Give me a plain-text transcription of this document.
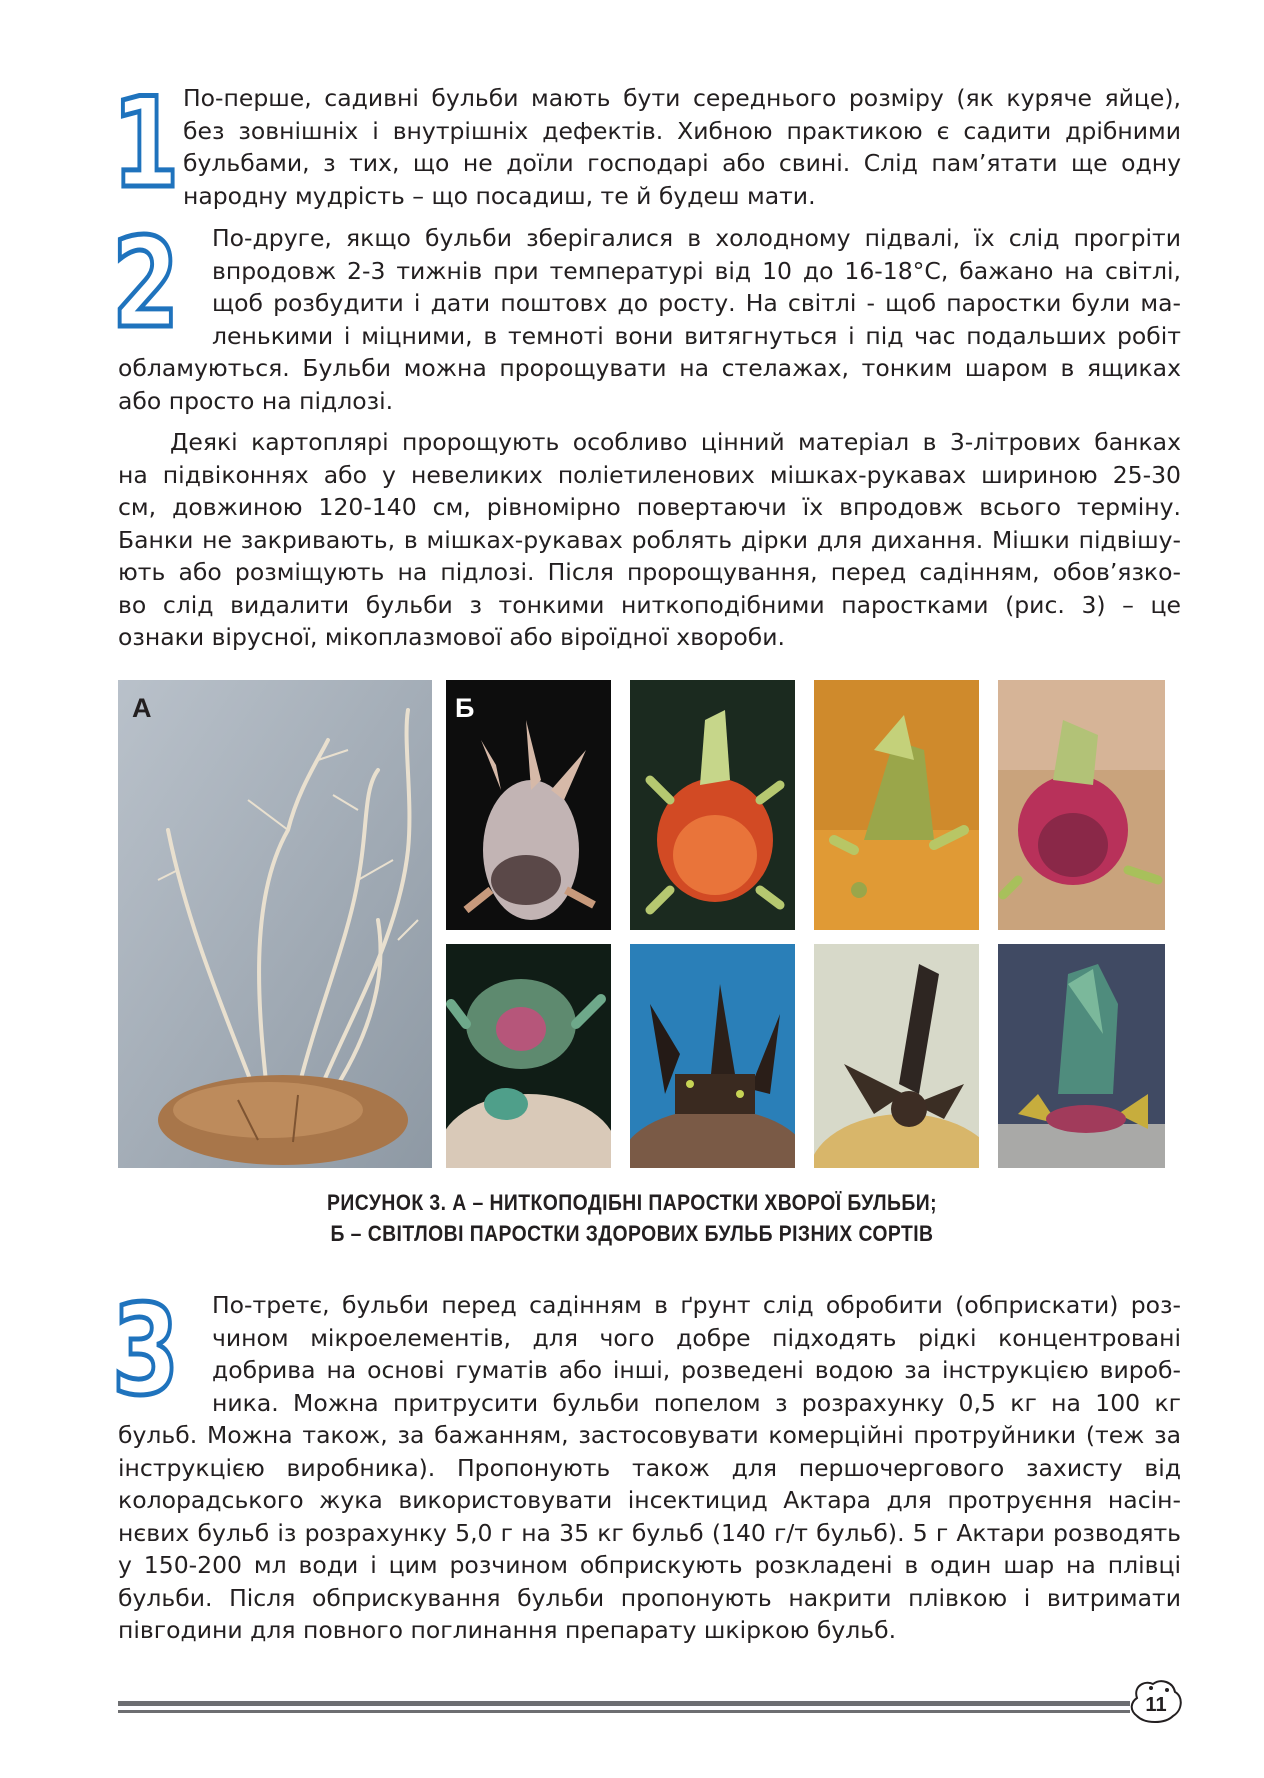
1 По-перше, садивні бульби мають бути середнього розміру (як куряче яйце),
без зовнішніх і внутрішніх дефектів. Хибною практикою є садити дрібними
бульбами, з тих, що не доїли господарі або свині. Слід пам’ятати ще одну
народну мудрість – що посадиш, те й будеш мати.
2 По-друге, якщо бульби зберігалися в холодному підвалі, їх слід прогріти
впродовж 2-3 тижнів при температурі від 10 до 16-18°С, бажано на світлі,
щоб розбудити і дати поштовх до росту. На світлі - щоб паростки були ма-
ленькими і міцними, в темноті вони витягнуться і під час подальших робіт
обламуються. Бульби можна пророщувати на стелажах, тонким шаром в ящиках
або просто на підлозі.
Деякі картоплярі пророщують особливо цінний матеріал в 3-літрових банках
на підвіконнях або у невеликих поліетиленових мішках-рукавах шириною 25-30
см, довжиною 120-140 см, рівномірно повертаючи їх впродовж всього терміну.
Банки не закривають, в мішках-рукавах роблять дірки для дихання. Мішки підвішу-
ють або розміщують на підлозі. Після пророщування, перед садінням, обов’язко-
во слід видалити бульби з тонкими ниткоподібними паростками (рис. 3) – це
ознаки вірусної, мікоплазмової або віроїдної хвороби.
А	Б
РИСУНОК 3. А – НИТКОПОДІБНІ ПАРОСТКИ ХВОРОЇ БУЛЬБИ;
Б – СВІТЛОВІ ПАРОСТКИ ЗДОРОВИХ БУЛЬБ РІЗНИХ СОРТІВ
3 По-третє, бульби перед садінням в ґрунт слід обробити (обприскати) роз-
чином мікроелементів, для чого добре підходять рідкі концентровані
добрива на основі гуматів або інші, розведені водою за інструкцією вироб-
ника. Можна притрусити бульби попелом з розрахунку 0,5 кг на 100 кг
бульб. Можна також, за бажанням, застосовувати комерційні протруйники (теж за
інструкцією виробника). Пропонують також для першочергового захисту від
колорадського жука використовувати інсектицид Актара для протруєння насін-
нєвих бульб із розрахунку 5,0 г на 35 кг бульб (140 г/т бульб). 5 г Актари розводять
у 150-200 мл води і цим розчином обприскують розкладені в один шар на плівці
бульби. Після обприскування бульби пропонують накрити плівкою і витримати
півгодини для повного поглинання препарату шкіркою бульб.
11
